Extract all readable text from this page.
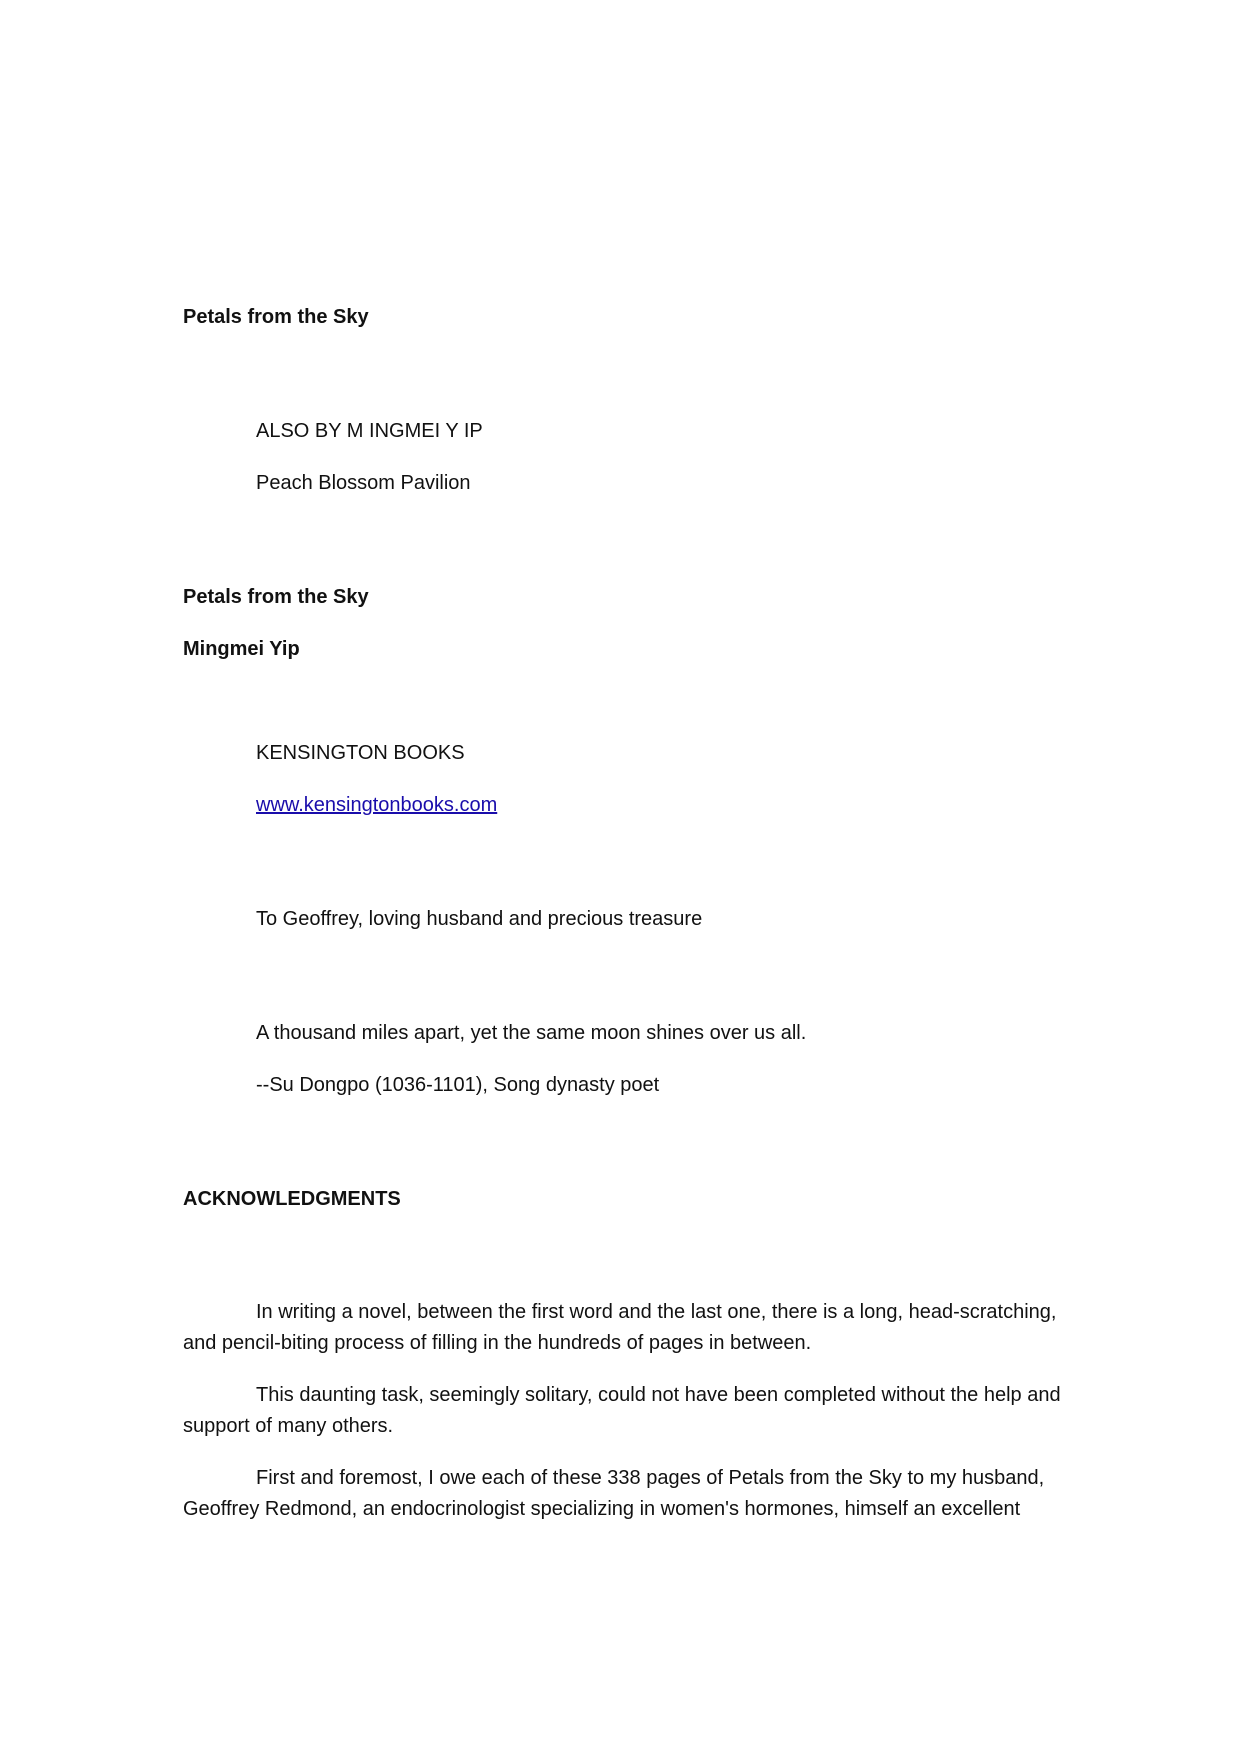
Petals from the Sky
ALSO BY M INGMEI Y IP
Peach Blossom Pavilion
Petals from the Sky
Mingmei Yip
KENSINGTON BOOKS
www.kensingtonbooks.com
To Geoffrey, loving husband and precious treasure
A thousand miles apart, yet the same moon shines over us all.
--Su Dongpo (1036-1101), Song dynasty poet
ACKNOWLEDGMENTS
In writing a novel, between the first word and the last one, there is a long, head-scratching, and pencil-biting process of filling in the hundreds of pages in between.
This daunting task, seemingly solitary, could not have been completed without the help and support of many others.
First and foremost, I owe each of these 338 pages of Petals from the Sky to my husband, Geoffrey Redmond, an endocrinologist specializing in women's hormones, himself an excellent
